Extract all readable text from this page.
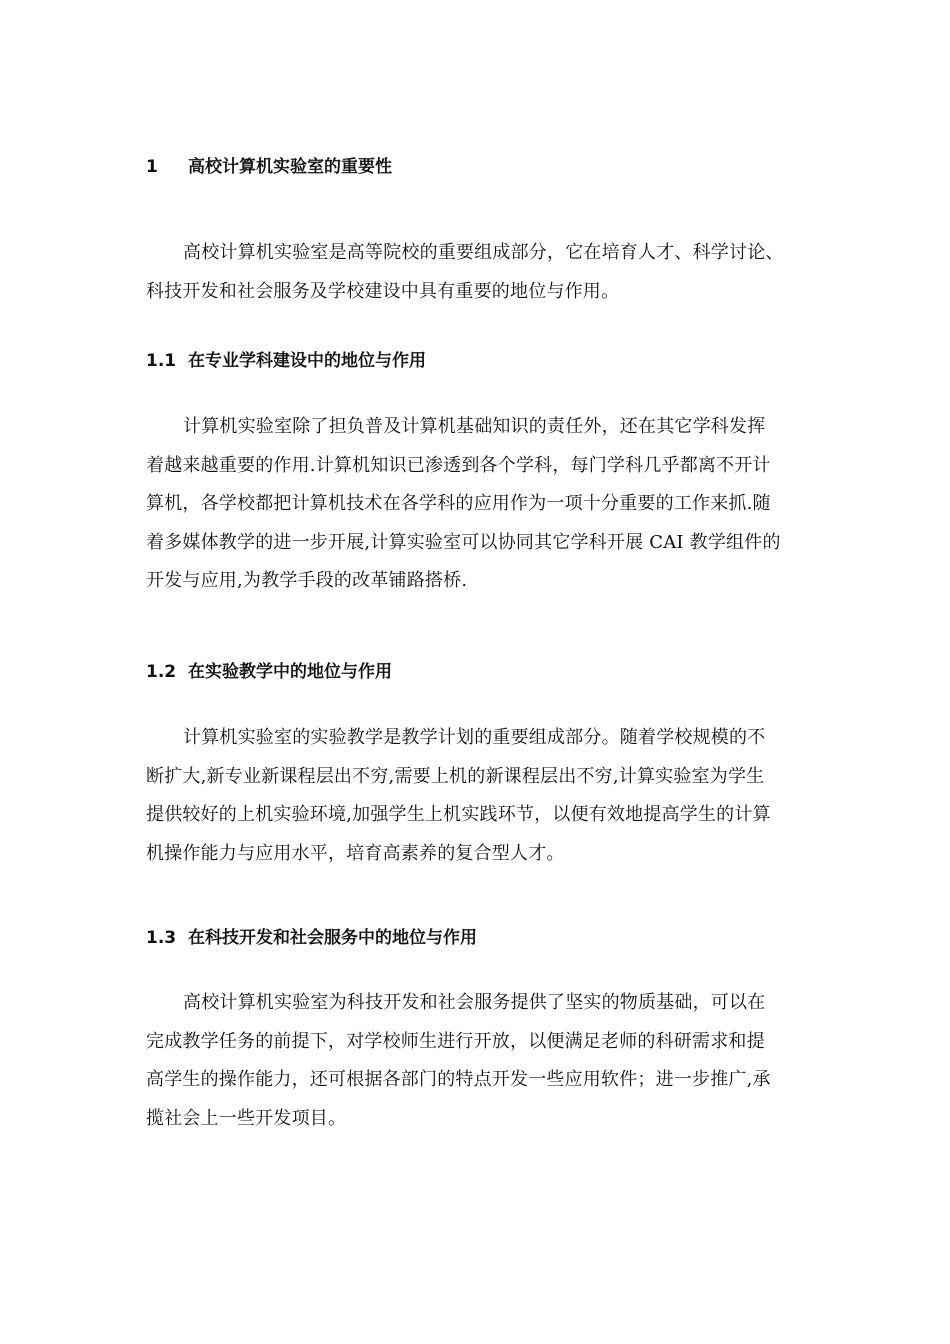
1 高校计算机实验室的重要性
高校计算机实验室是高等院校的重要组成部分，它在培育人才、科学讨论、
科技开发和社会服务及学校建设中具有重要的地位与作用。
1.1 在专业学科建设中的地位与作用
计算机实验室除了担负普及计算机基础知识的责任外，还在其它学科发挥
着越来越重要的作用.计算机知识已渗透到各个学科，每门学科几乎都离不开计
算机，各学校都把计算机技术在各学科的应用作为一项十分重要的工作来抓.随
着多媒体教学的进一步开展,计算实验室可以协同其它学科开展 CAI 教学组件的
开发与应用,为教学手段的改革铺路搭桥.
1.2 在实验教学中的地位与作用
计算机实验室的实验教学是教学计划的重要组成部分。随着学校规模的不
断扩大,新专业新课程层出不穷,需要上机的新课程层出不穷,计算实验室为学生
提供较好的上机实验环境,加强学生上机实践环节，以便有效地提高学生的计算
机操作能力与应用水平，培育高素养的复合型人才。
1.3 在科技开发和社会服务中的地位与作用
高校计算机实验室为科技开发和社会服务提供了坚实的物质基础，可以在
完成教学任务的前提下，对学校师生进行开放，以便满足老师的科研需求和提
高学生的操作能力，还可根据各部门的特点开发一些应用软件；进一步推广,承
揽社会上一些开发项目。
